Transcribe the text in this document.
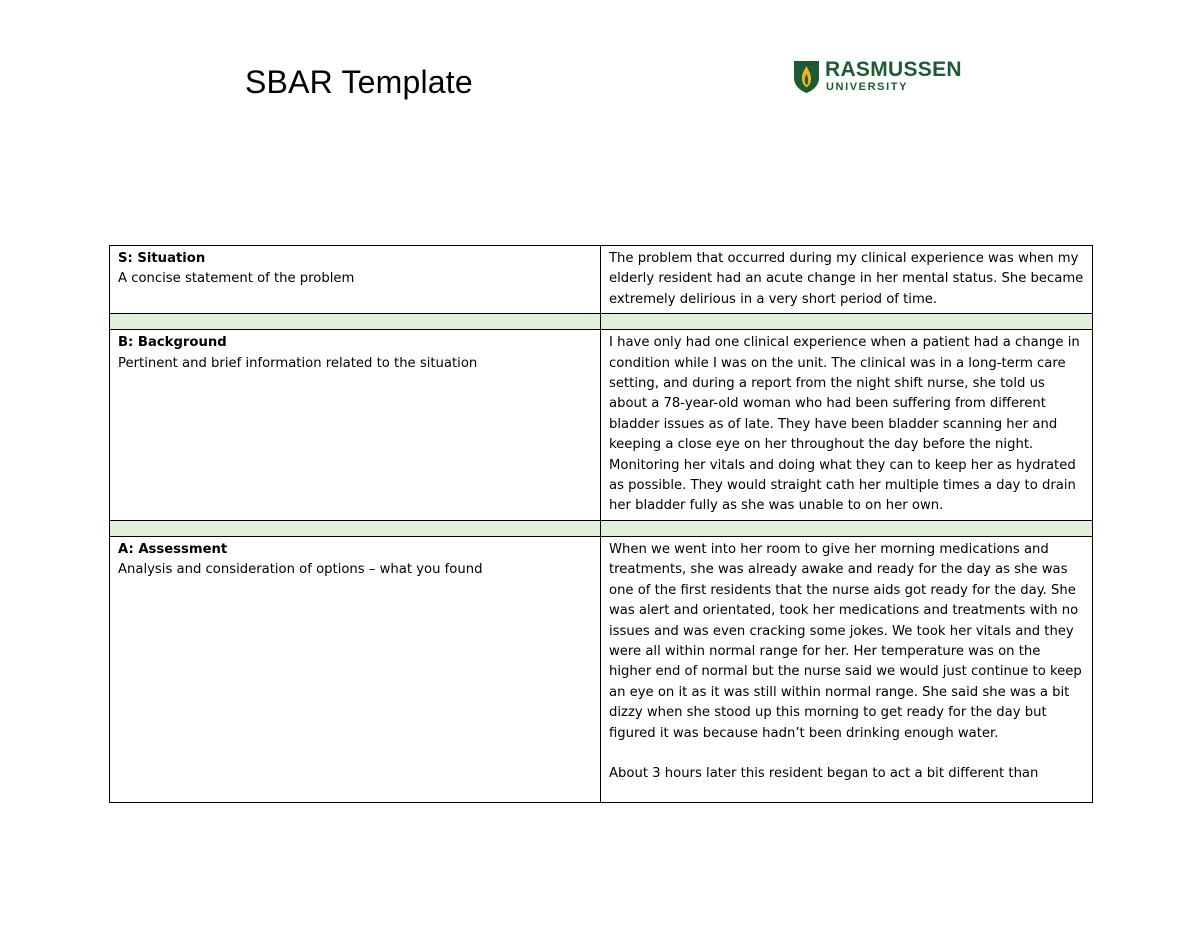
SBAR Template	RASMUSSEN
UNIVERSITY
S: Situation
A concise statement of the problem	The problem that occurred during my clinical experience was when my elderly resident had an acute change in her mental status. She became extremely delirious in a very short period of time.

B: Background
Pertinent and brief information related to the situation	I have only had one clinical experience when a patient had a change in condition while I was on the unit. The clinical was in a long-term care setting, and during a report from the night shift nurse, she told us about a 78-year-old woman who had been suffering from different bladder issues as of late. They have been bladder scanning her and keeping a close eye on her throughout the day before the night. Monitoring her vitals and doing what they can to keep her as hydrated as possible. They would straight cath her multiple times a day to drain her bladder fully as she was unable to on her own.

A: Assessment
Analysis and consideration of options – what you found	When we went into her room to give her morning medications and treatments, she was already awake and ready for the day as she was one of the first residents that the nurse aids got ready for the day. She was alert and orientated, took her medications and treatments with no issues and was even cracking some jokes. We took her vitals and they were all within normal range for her. Her temperature was on the higher end of normal but the nurse said we would just continue to keep an eye on it as it was still within normal range. She said she was a bit dizzy when she stood up this morning to get ready for the day but figured it was because hadn’t been drinking enough water.

About 3 hours later this resident began to act a bit different than
